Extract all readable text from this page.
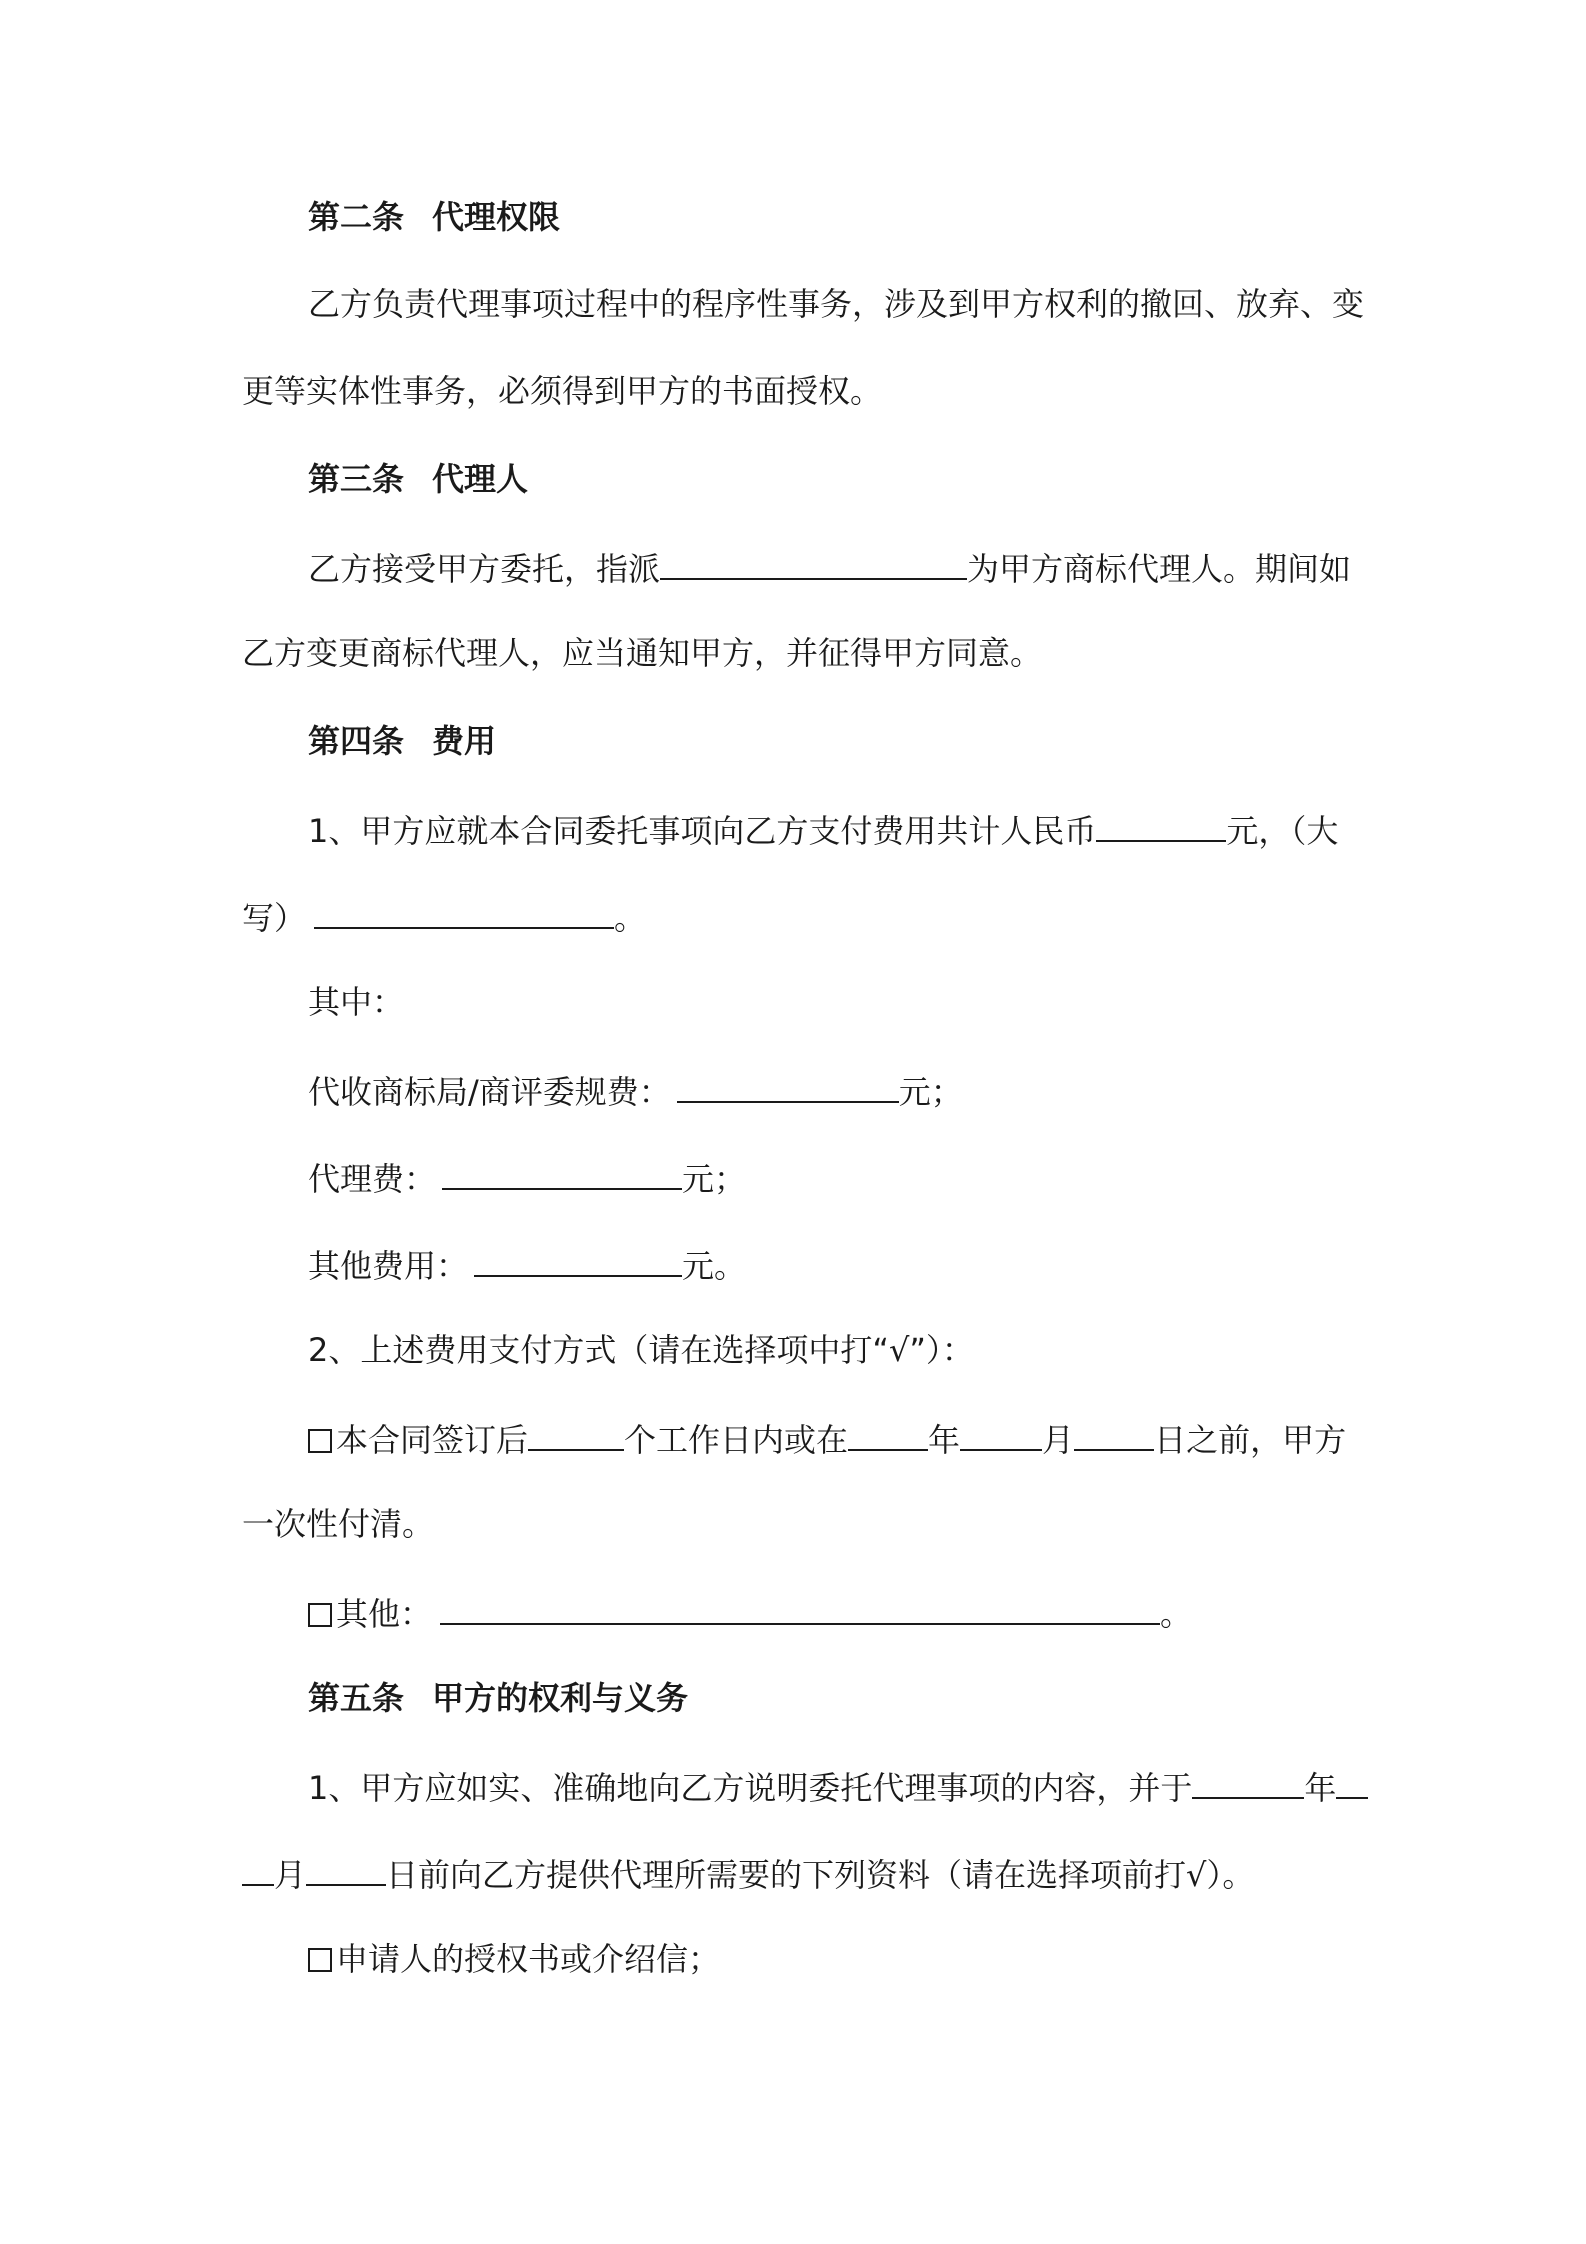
第二条 代理权限
乙方负责代理事项过程中的程序性事务，涉及到甲方权利的撤回、放弃、变
更等实体性事务，必须得到甲方的书面授权。
第三条 代理人
乙方接受甲方委托，指派	为甲方商标代理人。期间如
乙方变更商标代理人，应当通知甲方，并征得甲方同意。
第四条 费用
1、甲方应就本合同委托事项向乙方支付费用共计人民币	元，（大
写）	。
其中：
代收商标局/商评委规费：	元；
代理费：	元；
其他费用：	元。
2、上述费用支付方式（请在选择项中打“√”）：
本合同签订后	个工作日内或在	年	月	日之前，甲方
一次性付清。
其他：	。
第五条 甲方的权利与义务
1、甲方应如实、准确地向乙方说明委托代理事项的内容，并于	年
月	日前向乙方提供代理所需要的下列资料（请在选择项前打√）。
申请人的授权书或介绍信；
